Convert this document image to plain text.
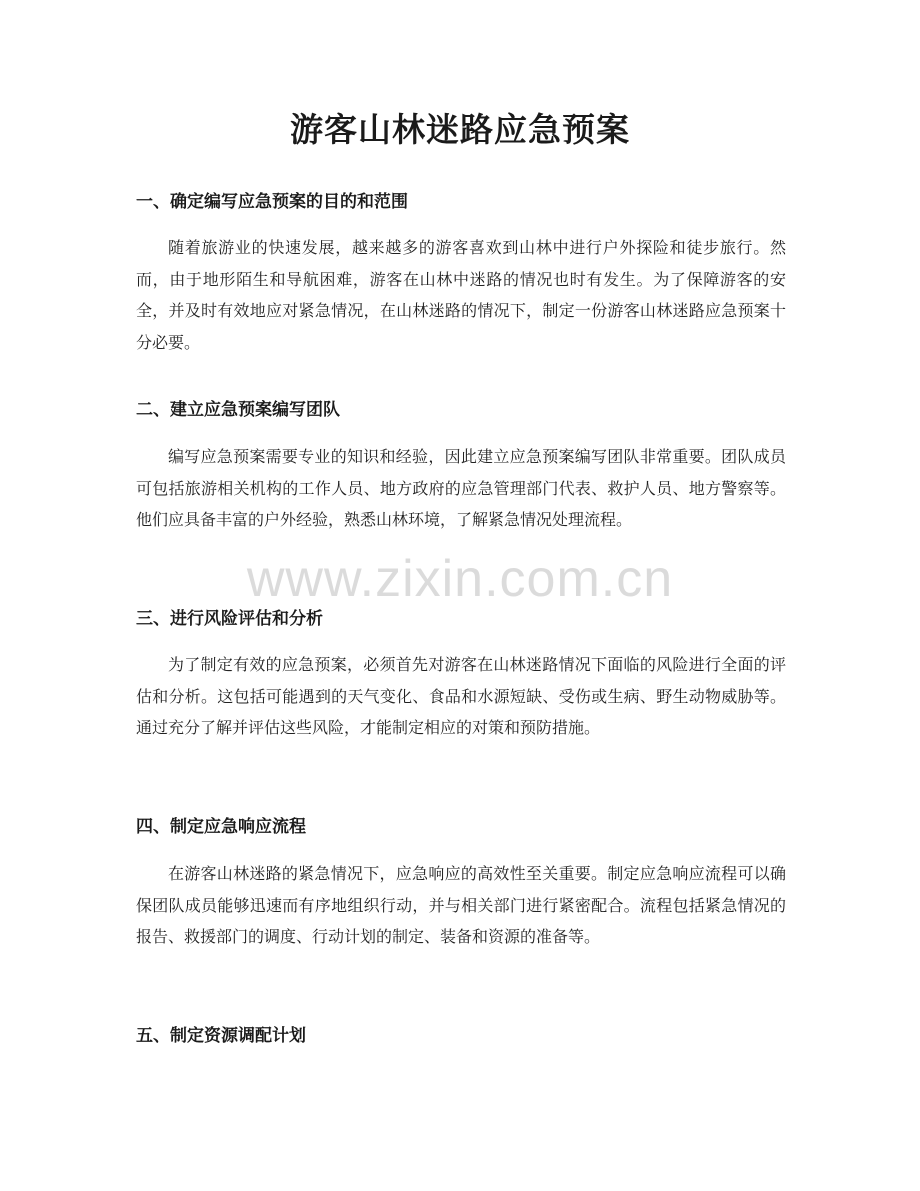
游客山林迷路应急预案
一、确定编写应急预案的目的和范围
随着旅游业的快速发展，越来越多的游客喜欢到山林中进行户外探险和徒步旅行。然而，由于地形陌生和导航困难，游客在山林中迷路的情况也时有发生。为了保障游客的安全，并及时有效地应对紧急情况，在山林迷路的情况下，制定一份游客山林迷路应急预案十分必要。
二、建立应急预案编写团队
编写应急预案需要专业的知识和经验，因此建立应急预案编写团队非常重要。团队成员可包括旅游相关机构的工作人员、地方政府的应急管理部门代表、救护人员、地方警察等。他们应具备丰富的户外经验，熟悉山林环境，了解紧急情况处理流程。
三、进行风险评估和分析
为了制定有效的应急预案，必须首先对游客在山林迷路情况下面临的风险进行全面的评估和分析。这包括可能遇到的天气变化、食品和水源短缺、受伤或生病、野生动物威胁等。通过充分了解并评估这些风险，才能制定相应的对策和预防措施。
四、制定应急响应流程
在游客山林迷路的紧急情况下，应急响应的高效性至关重要。制定应急响应流程可以确保团队成员能够迅速而有序地组织行动，并与相关部门进行紧密配合。流程包括紧急情况的报告、救援部门的调度、行动计划的制定、装备和资源的准备等。
五、制定资源调配计划
www.zixin.com.cn
